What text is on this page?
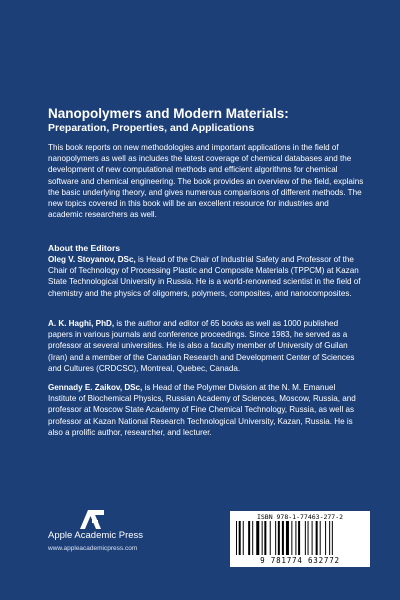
Nanopolymers and Modern Materials:
Preparation, Properties, and Applications

This book reports on new methodologies and important applications in the field of nanopolymers as well as includes the latest coverage of chemical databases and the development of new computational methods and efficient algorithms for chemical software and chemical engineering. The book provides an overview of the field, explains the basic underlying theory, and gives numerous comparisons of different methods. The new topics covered in this book will be an excellent resource for industries and academic researchers as well.

About the Editors

Oleg V. Stoyanov, DSc, is Head of the Chair of Industrial Safety and Professor of the Chair of Technology of Processing Plastic and Composite Materials (TPPCM) at Kazan State Technological University in Russia. He is a world-renowned scientist in the field of chemistry and the physics of oligomers, polymers, composites, and nanocomposites.

A. K. Haghi, PhD, is the author and editor of 65 books as well as 1000 published papers in various journals and conference proceedings. Since 1983, he served as a professor at several universities. He is also a faculty member of University of Guilan (Iran) and a member of the Canadian Research and Development Center of Sciences and Cultures (CRDCSC), Montreal, Quebec, Canada.

Gennady E. Zaikov, DSc, is Head of the Polymer Division at the N. M. Emanuel Institute of Biochemical Physics, Russian Academy of Sciences, Moscow, Russia, and professor at Moscow State Academy of Fine Chemical Technology, Russia, as well as professor at Kazan National Research Technological University, Kazan, Russia. He is also a prolific author, researcher, and lecturer.

Apple Academic Press
www.appleacademicpress.com
ISBN 978-1-77463-277-2
9 781774 632772
